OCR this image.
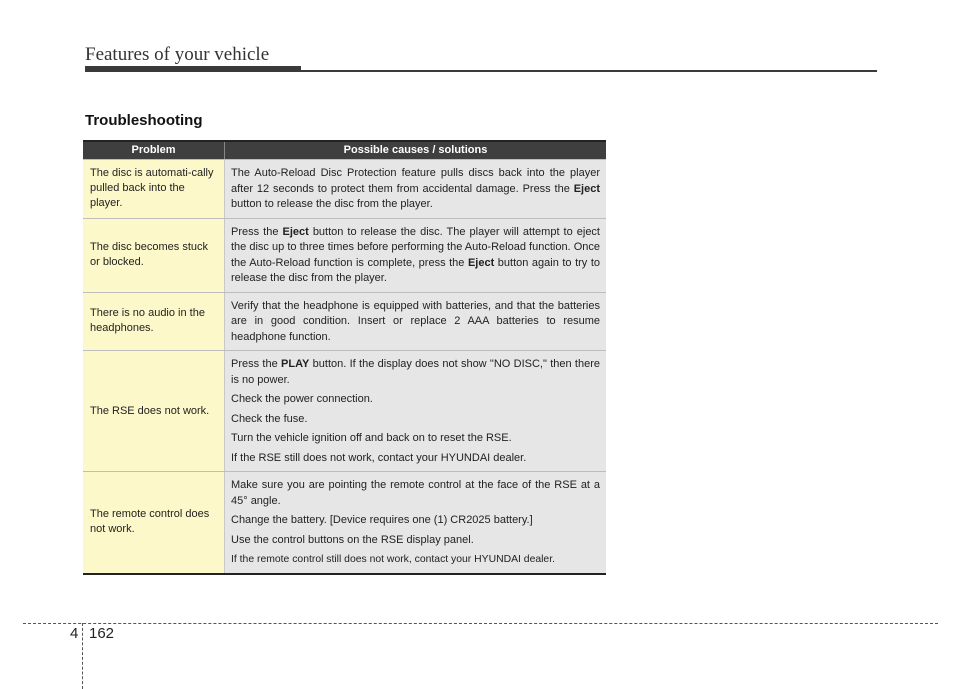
Features of your vehicle
Troubleshooting
Problem	Possible causes / solutions
The disc is automati-cally pulled back into the player.

The Auto-Reload Disc Protection feature pulls discs back into the player after 12 seconds to protect them from accidental damage. Press the Eject button to release the disc from the player.

The disc becomes stuck or blocked.

Press the Eject button to release the disc. The player will attempt to eject the disc up to three times before performing the Auto-Reload function. Once the Auto-Reload function is complete, press the Eject button again to try to release the disc from the player.

There is no audio in the headphones.

Verify that the headphone is equipped with batteries, and that the batteries are in good condition. Insert or replace 2 AAA batteries to resume headphone function.

The RSE does not work.

Press the PLAY button. If the display does not show "NO DISC," then there is no power.

Check the power connection.

Check the fuse.

Turn the vehicle ignition off and back on to reset the RSE.

If the RSE still does not work, contact your HYUNDAI dealer.

The remote control does not work.

Make sure you are pointing the remote control at the face of the RSE at a 45° angle.

Change the battery. [Device requires one (1) CR2025 battery.]

Use the control buttons on the RSE display panel.

If the remote control still does not work, contact your HYUNDAI dealer.

4 162
